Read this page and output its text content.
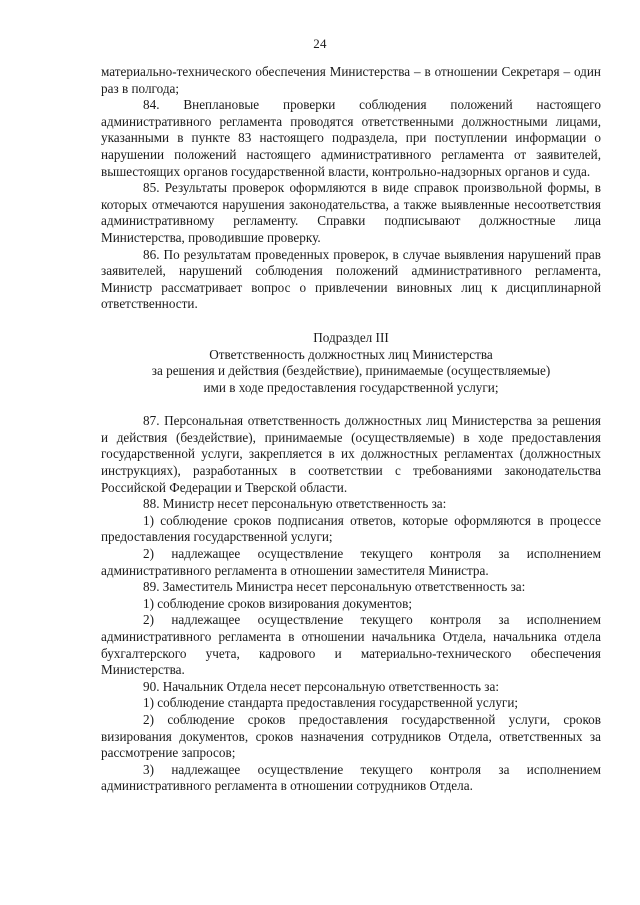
24

материально-технического обеспечения Министерства – в отношении Секретаря – один раз в полгода;

84. Внеплановые проверки соблюдения положений настоящего административного регламента проводятся ответственными должностными лицами, указанными в пункте 83 настоящего подраздела, при поступлении информации о нарушении положений настоящего административного регламента от заявителей, вышестоящих органов государственной власти, контрольно-надзорных органов и суда.

85. Результаты проверок оформляются в виде справок произвольной формы, в которых отмечаются нарушения законодательства, а также выявленные несоответствия административному регламенту. Справки подписывают должностные лица Министерства, проводившие проверку.

86. По результатам проведенных проверок, в случае выявления нарушений прав заявителей, нарушений соблюдения положений административного регламента, Министр рассматривает вопрос о привлечении виновных лиц к дисциплинарной ответственности.

Подраздел III

Ответственность должностных лиц Министерства

за решения и действия (бездействие), принимаемые (осуществляемые)

ими в ходе предоставления государственной услуги;

87. Персональная ответственность должностных лиц Министерства за решения и действия (бездействие), принимаемые (осуществляемые) в ходе предоставления государственной услуги, закрепляется в их должностных регламентах (должностных инструкциях), разработанных в соответствии с требованиями законодательства Российской Федерации и Тверской области.

88. Министр несет персональную ответственность за:

1) соблюдение сроков подписания ответов, которые оформляются в процессе предоставления государственной услуги;

2) надлежащее осуществление текущего контроля за исполнением административного регламента в отношении заместителя Министра.

89. Заместитель Министра несет персональную ответственность за:

1) соблюдение сроков визирования документов;

2) надлежащее осуществление текущего контроля за исполнением административного регламента в отношении начальника Отдела, начальника отдела бухгалтерского учета, кадрового и материально-технического обеспечения Министерства.

90. Начальник Отдела несет персональную ответственность за:

1) соблюдение стандарта предоставления государственной услуги;

2) соблюдение сроков предоставления государственной услуги, сроков визирования документов, сроков назначения сотрудников Отдела, ответственных за рассмотрение запросов;

3) надлежащее осуществление текущего контроля за исполнением административного регламента в отношении сотрудников Отдела.
